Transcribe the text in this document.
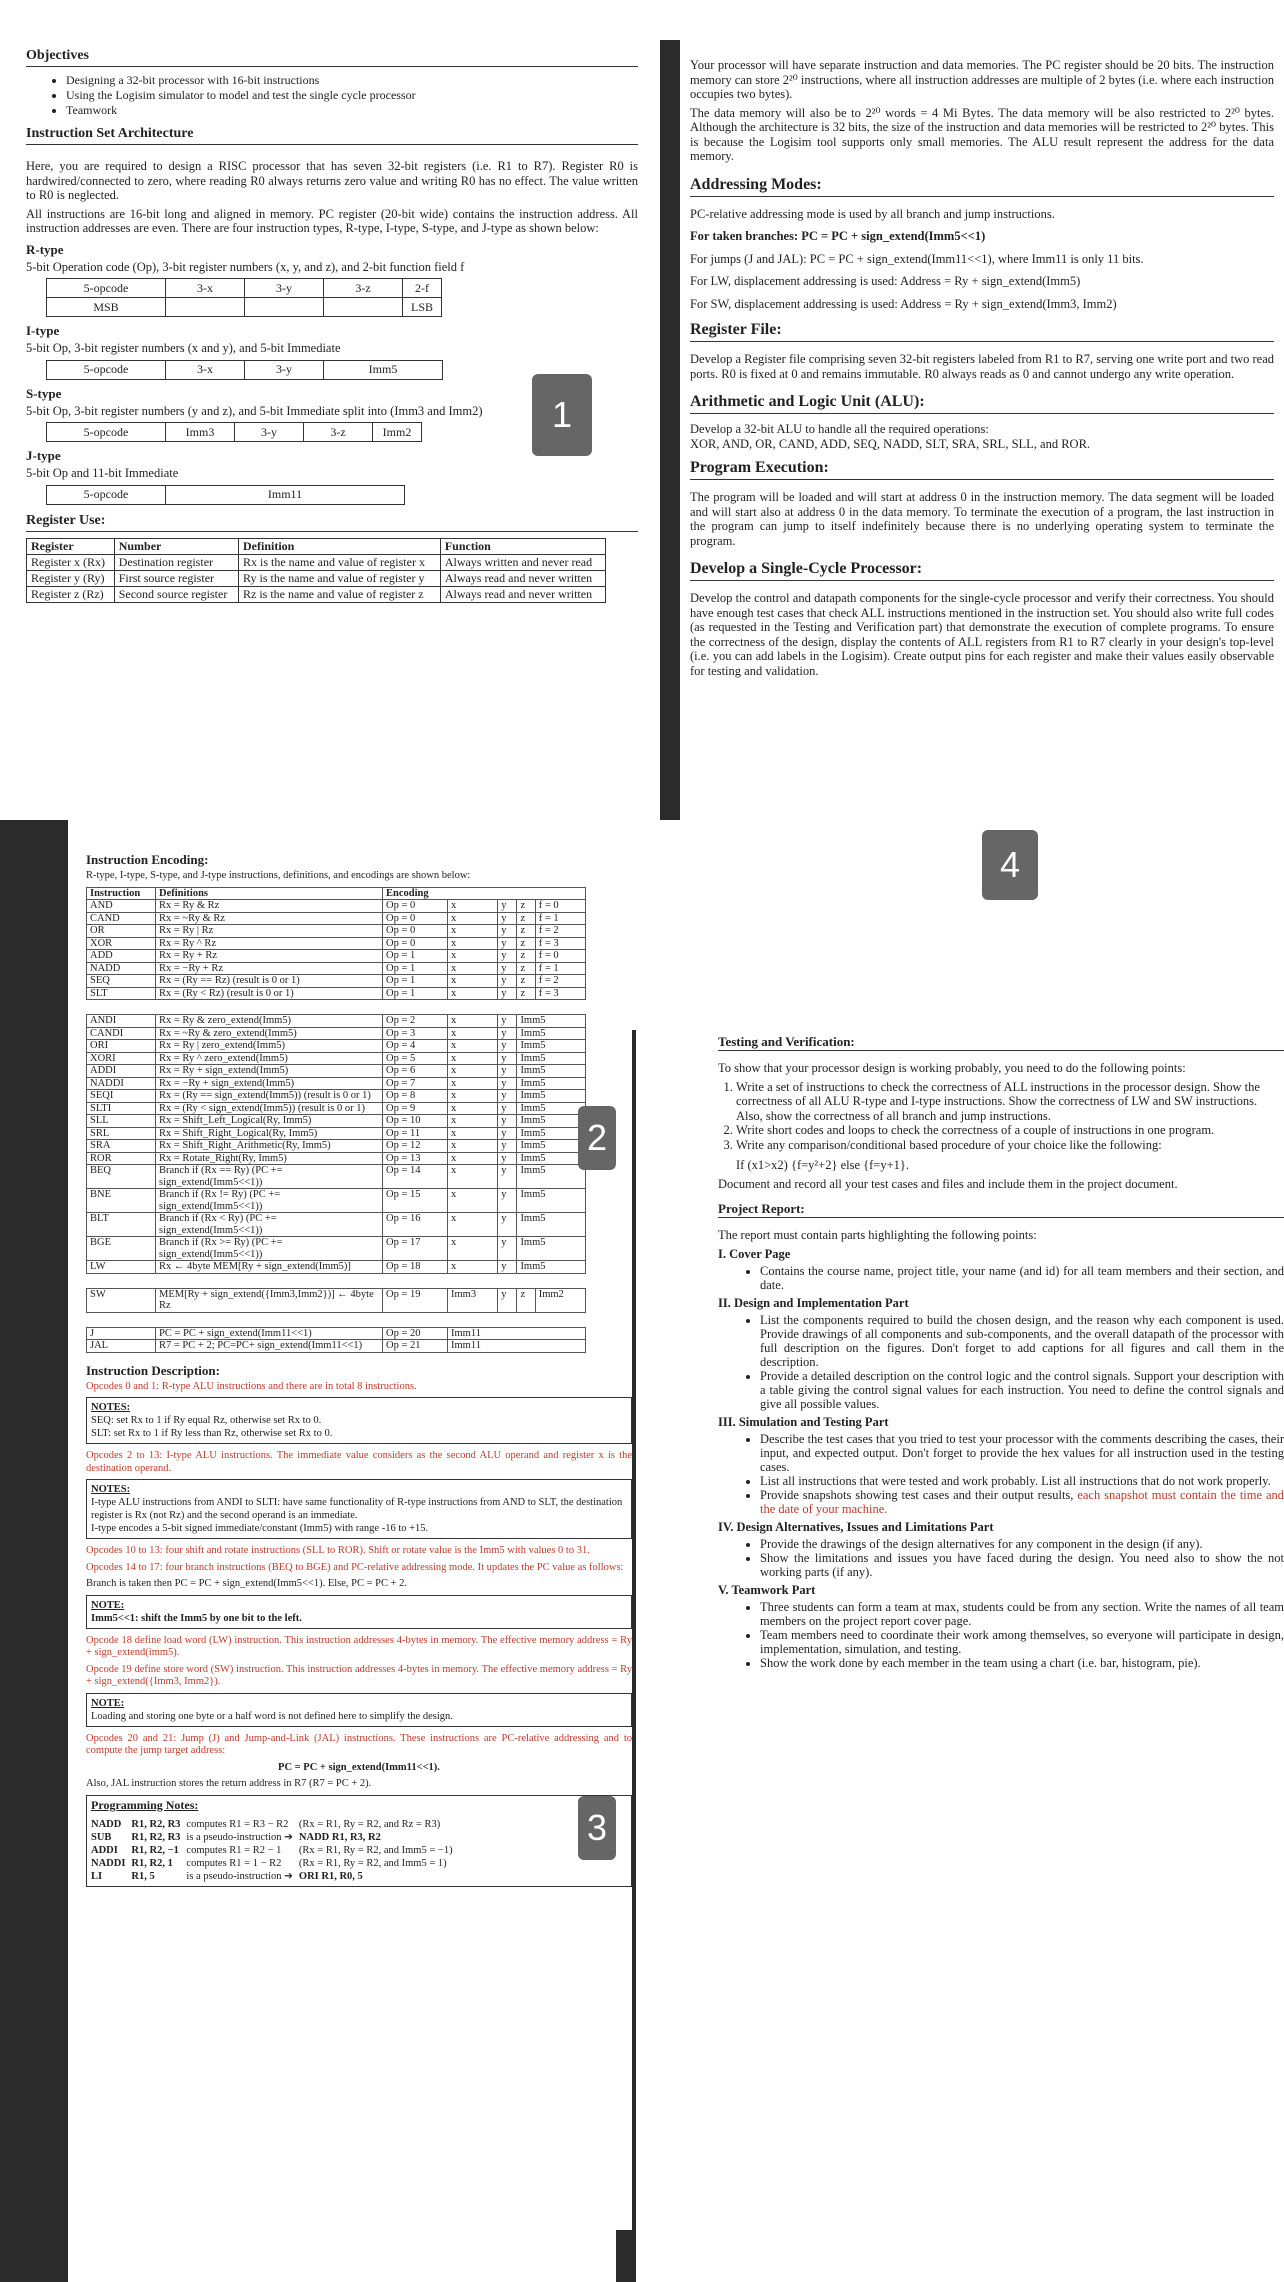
Objectives
• Designing a 32-bit processor with 16-bit instructions
• Using the Logisim simulator to model and test the single cycle processor
• Teamwork
Instruction Set Architecture

Here, you are required to design a RISC processor that has seven 32-bit registers (i.e. R1 to R7). Register R0 is hardwired/connected to zero, where reading R0 always returns zero value and writing R0 has no effect. The value written to R0 is neglected.

All instructions are 16-bit long and aligned in memory. PC register (20-bit wide) contains the instruction address. All instruction addresses are even. There are four instruction types, R-type, I-type, S-type, and J-type as shown below:

R-type

5-bit Operation code (Op), 3-bit register numbers (x, y, and z), and 2-bit function field f

5-opcode	3-x	3-y	3-z	2-f
MSB				LSB
I-type

5-bit Op, 3-bit register numbers (x and y), and 5-bit Immediate

5-opcode	3-x	3-y	Imm5
S-type

5-bit Op, 3-bit register numbers (y and z), and 5-bit Immediate split into (Imm3 and Imm2)

5-opcode	Imm3	3-y	3-z	Imm2
J-type

5-bit Op and 11-bit Immediate

5-opcode	Imm11
Register Use:
Register	Number	Definition	Function
Register x (Rx)	Destination register	Rx is the name and value of register x	Always written and never read
Register y (Ry)	First source register	Ry is the name and value of register y	Always read and never written
Register z (Rz)	Second source register	Rz is the name and value of register z	Always read and never written

Your processor will have separate instruction and data memories. The PC register should be 20 bits. The instruction memory can store 2²⁰ instructions, where all instruction addresses are multiple of 2 bytes (i.e. where each instruction occupies two bytes).

The data memory will also be to 2²⁰ words = 4 Mi Bytes. The data memory will be also restricted to 2²⁰ bytes. Although the architecture is 32 bits, the size of the instruction and data memories will be restricted to 2²⁰ bytes. This is because the Logisim tool supports only small memories. The ALU result represent the address for the data memory.

Addressing Modes:

PC-relative addressing mode is used by all branch and jump instructions.

For taken branches: PC = PC + sign_extend(Imm5<<1)

For jumps (J and JAL): PC = PC + sign_extend(Imm11<<1), where Imm11 is only 11 bits.

For LW, displacement addressing is used: Address = Ry + sign_extend(Imm5)

For SW, displacement addressing is used: Address = Ry + sign_extend(Imm3, Imm2)

Register File:

Develop a Register file comprising seven 32-bit registers labeled from R1 to R7, serving one write port and two read ports. R0 is fixed at 0 and remains immutable. R0 always reads as 0 and cannot undergo any write operation.

Arithmetic and Logic Unit (ALU):

Develop a 32-bit ALU to handle all the required operations:

XOR, AND, OR, CAND, ADD, SEQ, NADD, SLT, SRA, SRL, SLL, and ROR.

Program Execution:

The program will be loaded and will start at address 0 in the instruction memory. The data segment will be loaded and will start also at address 0 in the data memory. To terminate the execution of a program, the last instruction in the program can jump to itself indefinitely because there is no underlying operating system to terminate the program.

Develop a Single-Cycle Processor:

Develop the control and datapath components for the single-cycle processor and verify their correctness. You should have enough test cases that check ALL instructions mentioned in the instruction set. You should also write full codes (as requested in the Testing and Verification part) that demonstrate the execution of complete programs. To ensure the correctness of the design, display the contents of ALL registers from R1 to R7 clearly in your design's top-level (i.e. you can add labels in the Logisim). Create output pins for each register and make their values easily observable for testing and validation.

Instruction Encoding:

R-type, I-type, S-type, and J-type instructions, definitions, and encodings are shown below:

Instruction	Definitions	Encoding				
AND	Rx = Ry & Rz	Op = 0	x	y	z	f = 0
CAND	Rx = ~Ry & Rz	Op = 0	x	y	z	f = 1
OR	Rx = Ry | Rz	Op = 0	x	y	z	f = 2
XOR	Rx = Ry ^ Rz	Op = 0	x	y	z	f = 3
ADD	Rx = Ry + Rz	Op = 1	x	y	z	f = 0
NADD	Rx = −Ry + Rz	Op = 1	x	y	z	f = 1
SEQ	Rx = (Ry == Rz) (result is 0 or 1)	Op = 1	x	y	z	f = 2
SLT	Rx = (Ry < Rz) (result is 0 or 1)	Op = 1	x	y	z	f = 3

ANDI	Rx = Ry & zero_extend(Imm5)	Op = 2	x	y	Imm5	
CANDI	Rx = ~Ry & zero_extend(Imm5)	Op = 3	x	y	Imm5	
ORI	Rx = Ry | zero_extend(Imm5)	Op = 4	x	y	Imm5	
XORI	Rx = Ry ^ zero_extend(Imm5)	Op = 5	x	y	Imm5	
ADDI	Rx = Ry + sign_extend(Imm5)	Op = 6	x	y	Imm5	
NADDI	Rx = −Ry + sign_extend(Imm5)	Op = 7	x	y	Imm5	
SEQI	Rx = (Ry == sign_extend(Imm5)) (result is 0 or 1)	Op = 8	x	y	Imm5	
SLTI	Rx = (Ry < sign_extend(Imm5)) (result is 0 or 1)	Op = 9	x	y	Imm5	
SLL	Rx = Shift_Left_Logical(Ry, Imm5)	Op = 10	x	y	Imm5	
SRL	Rx = Shift_Right_Logical(Ry, Imm5)	Op = 11	x	y	Imm5	
SRA	Rx = Shift_Right_Arithmetic(Ry, Imm5)	Op = 12	x	y	Imm5	
ROR	Rx = Rotate_Right(Ry, Imm5)	Op = 13	x	y	Imm5	
BEQ	Branch if (Rx == Ry) (PC += sign_extend(Imm5<<1))	Op = 14	x	y	Imm5	
BNE	Branch if (Rx != Ry) (PC += sign_extend(Imm5<<1))	Op = 15	x	y	Imm5	
BLT	Branch if (Rx < Ry) (PC += sign_extend(Imm5<<1))	Op = 16	x	y	Imm5	
BGE	Branch if (Rx >= Ry) (PC += sign_extend(Imm5<<1))	Op = 17	x	y	Imm5	
LW	Rx ← 4byte MEM[Ry + sign_extend(Imm5)]	Op = 18	x	y	Imm5	

SW	MEM[Ry + sign_extend({Imm3,Imm2})] ← 4byte Rz	Op = 19	Imm3	y	z	Imm2

J	PC = PC + sign_extend(Imm11<<1)	Op = 20	Imm11			
JAL	R7 = PC + 2; PC=PC+ sign_extend(Imm11<<1)	Op = 21	Imm11			
Instruction Description:

Opcodes 0 and 1: R-type ALU instructions and there are in total 8 instructions.

NOTES:
SEQ: set Rx to 1 if Ry equal Rz, otherwise set Rx to 0.
SLT: set Rx to 1 if Ry less than Rz, otherwise set Rx to 0.

Opcodes 2 to 13: I-type ALU instructions. The immediate value considers as the second ALU operand and register x is the destination operand.

NOTES:
I-type ALU instructions from ANDI to SLTI: have same functionality of R-type instructions from AND to SLT, the destination register is Rx (not Rz) and the second operand is an immediate.
I-type encodes a 5-bit signed immediate/constant (Imm5) with range -16 to +15.

Opcodes 10 to 13: four shift and rotate instructions (SLL to ROR). Shift or rotate value is the Imm5 with values 0 to 31.

Opcodes 14 to 17: four branch instructions (BEQ to BGE) and PC-relative addressing mode. It updates the PC value as follows:

Branch is taken then PC = PC + sign_extend(Imm5<<1). Else, PC = PC + 2.

NOTE:
Imm5<<1: shift the Imm5 by one bit to the left.

Opcode 18 define load word (LW) instruction. This instruction addresses 4-bytes in memory. The effective memory address = Ry + sign_extend(imm5).

Opcode 19 define store word (SW) instruction. This instruction addresses 4-bytes in memory. The effective memory address = Ry + sign_extend({Imm3, Imm2}).

NOTE:
Loading and storing one byte or a half word is not defined here to simplify the design.

Opcodes 20 and 21: Jump (J) and Jump-and-Link (JAL) instructions. These instructions are PC-relative addressing and to compute the jump target address:

PC = PC + sign_extend(Imm11<<1).

Also, JAL instruction stores the return address in R7 (R7 = PC + 2).

Programming Notes:
NADD	R1, R2, R3	computes R1 = R3 − R2	(Rx = R1, Ry = R2, and Rz = R3)
SUB	R1, R2, R3	is a pseudo-instruction ➔	NADD R1, R3, R2
ADDI	R1, R2, −1	computes R1 = R2 − 1	(Rx = R1, Ry = R2, and Imm5 = −1)
NADDI	R1, R2, 1	computes R1 = 1 − R2	(Rx = R1, Ry = R2, and Imm5 = 1)
LI	R1, 5	is a pseudo-instruction ➔	ORI R1, R0, 5
Testing and Verification:

To show that your processor design is working probably, you need to do the following points:

1. Write a set of instructions to check the correctness of ALL instructions in the processor design. Show the correctness of all ALU R-type and I-type instructions. Show the correctness of LW and SW instructions. Also, show the correctness of all branch and jump instructions.
2. Write short codes and loops to check the correctness of a couple of instructions in one program.
3. Write any comparison/conditional based procedure of your choice like the following:

If (x1>x2) {f=y²+2} else {f=y+1}.

Document and record all your test cases and files and include them in the project document.

Project Report:

The report must contain parts highlighting the following points:

I. Cover Page
• Contains the course name, project title, your name (and id) for all team members and their section, and date.
II. Design and Implementation Part
• List the components required to build the chosen design, and the reason why each component is used. Provide drawings of all components and sub-components, and the overall datapath of the processor with full description on the figures. Don't forget to add captions for all figures and call them in the description.
• Provide a detailed description on the control logic and the control signals. Support your description with a table giving the control signal values for each instruction. You need to define the control signals and give all possible values.
III. Simulation and Testing Part
• Describe the test cases that you tried to test your processor with the comments describing the cases, their input, and expected output. Don't forget to provide the hex values for all instruction used in the testing cases.
• List all instructions that were tested and work probably. List all instructions that do not work properly.
• Provide snapshots showing test cases and their output results, each snapshot must contain the time and the date of your machine.
IV. Design Alternatives, Issues and Limitations Part
• Provide the drawings of the design alternatives for any component in the design (if any).
• Show the limitations and issues you have faced during the design. You need also to show the not working parts (if any).
V. Teamwork Part
• Three students can form a team at max, students could be from any section. Write the names of all team members on the project report cover page.
• Team members need to coordinate their work among themselves, so everyone will participate in design, implementation, simulation, and testing.
• Show the work done by each member in the team using a chart (i.e. bar, histogram, pie).
1
2
3
4
